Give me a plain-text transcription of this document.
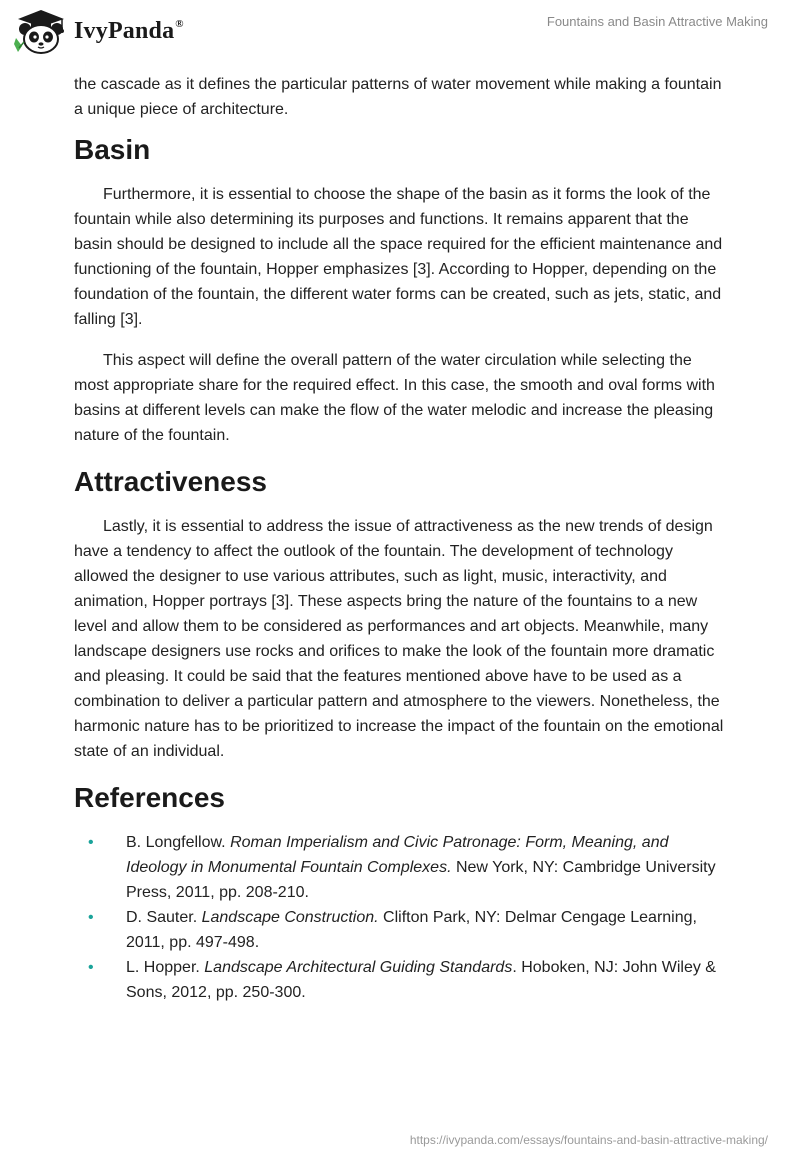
IvyPanda®	Fountains and Basin Attractive Making

the cascade as it defines the particular patterns of water movement while making a fountain a unique piece of architecture.

Basin

Furthermore, it is essential to choose the shape of the basin as it forms the look of the fountain while also determining its purposes and functions. It remains apparent that the basin should be designed to include all the space required for the efficient maintenance and functioning of the fountain, Hopper emphasizes [3]. According to Hopper, depending on the foundation of the fountain, the different water forms can be created, such as jets, static, and falling [3].

This aspect will define the overall pattern of the water circulation while selecting the most appropriate share for the required effect. In this case, the smooth and oval forms with basins at different levels can make the flow of the water melodic and increase the pleasing nature of the fountain.

Attractiveness

Lastly, it is essential to address the issue of attractiveness as the new trends of design have a tendency to affect the outlook of the fountain. The development of technology allowed the designer to use various attributes, such as light, music, interactivity, and animation, Hopper portrays [3]. These aspects bring the nature of the fountains to a new level and allow them to be considered as performances and art objects. Meanwhile, many landscape designers use rocks and orifices to make the look of the fountain more dramatic and pleasing. It could be said that the features mentioned above have to be used as a combination to deliver a particular pattern and atmosphere to the viewers. Nonetheless, the harmonic nature has to be prioritized to increase the impact of the fountain on the emotional state of an individual.

References
• B. Longfellow. Roman Imperialism and Civic Patronage: Form, Meaning, and Ideology in Monumental Fountain Complexes. New York, NY: Cambridge University Press, 2011, pp. 208-210.
• D. Sauter. Landscape Construction. Clifton Park, NY: Delmar Cengage Learning, 2011, pp. 497-498.
• L. Hopper. Landscape Architectural Guiding Standards. Hoboken, NJ: John Wiley & Sons, 2012, pp. 250-300.
https://ivypanda.com/essays/fountains-and-basin-attractive-making/
